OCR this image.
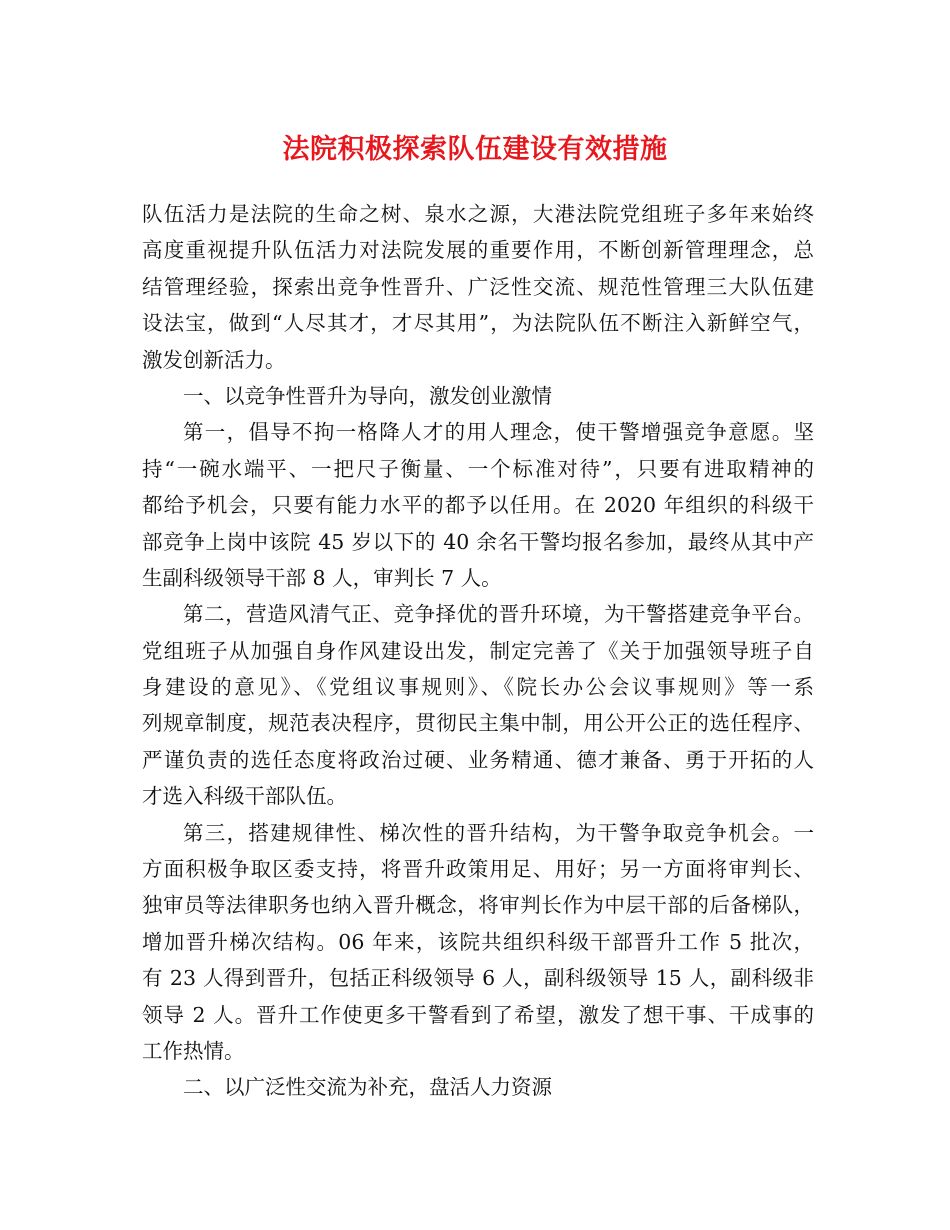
法院积极探索队伍建设有效措施
队伍活力是法院的生命之树、泉水之源，大港法院党组班子多年来始终
高度重视提升队伍活力对法院发展的重要作用，不断创新管理理念，总
结管理经验，探索出竞争性晋升、广泛性交流、规范性管理三大队伍建
设法宝，做到“人尽其才，才尽其用”，为法院队伍不断注入新鲜空气，
激发创新活力。
一、以竞争性晋升为导向，激发创业激情
第一，倡导不拘一格降人才的用人理念，使干警增强竞争意愿。坚
持“一碗水端平、一把尺子衡量、一个标准对待”，只要有进取精神的
都给予机会，只要有能力水平的都予以任用。在 2020 年组织的科级干
部竞争上岗中该院 45 岁以下的 40 余名干警均报名参加，最终从其中产
生副科级领导干部 8 人，审判长 7 人。
第二，营造风清气正、竞争择优的晋升环境，为干警搭建竞争平台。
党组班子从加强自身作风建设出发，制定完善了《关于加强领导班子自
身建设的意见》、《党组议事规则》、《院长办公会议事规则》等一系
列规章制度，规范表决程序，贯彻民主集中制，用公开公正的选任程序、
严谨负责的选任态度将政治过硬、业务精通、德才兼备、勇于开拓的人
才选入科级干部队伍。
第三，搭建规律性、梯次性的晋升结构，为干警争取竞争机会。一
方面积极争取区委支持，将晋升政策用足、用好；另一方面将审判长、
独审员等法律职务也纳入晋升概念，将审判长作为中层干部的后备梯队，
增加晋升梯次结构。06 年来，该院共组织科级干部晋升工作 5 批次，
有 23 人得到晋升，包括正科级领导 6 人，副科级领导 15 人，副科级非
领导 2 人。晋升工作使更多干警看到了希望，激发了想干事、干成事的
工作热情。
二、以广泛性交流为补充，盘活人力资源
